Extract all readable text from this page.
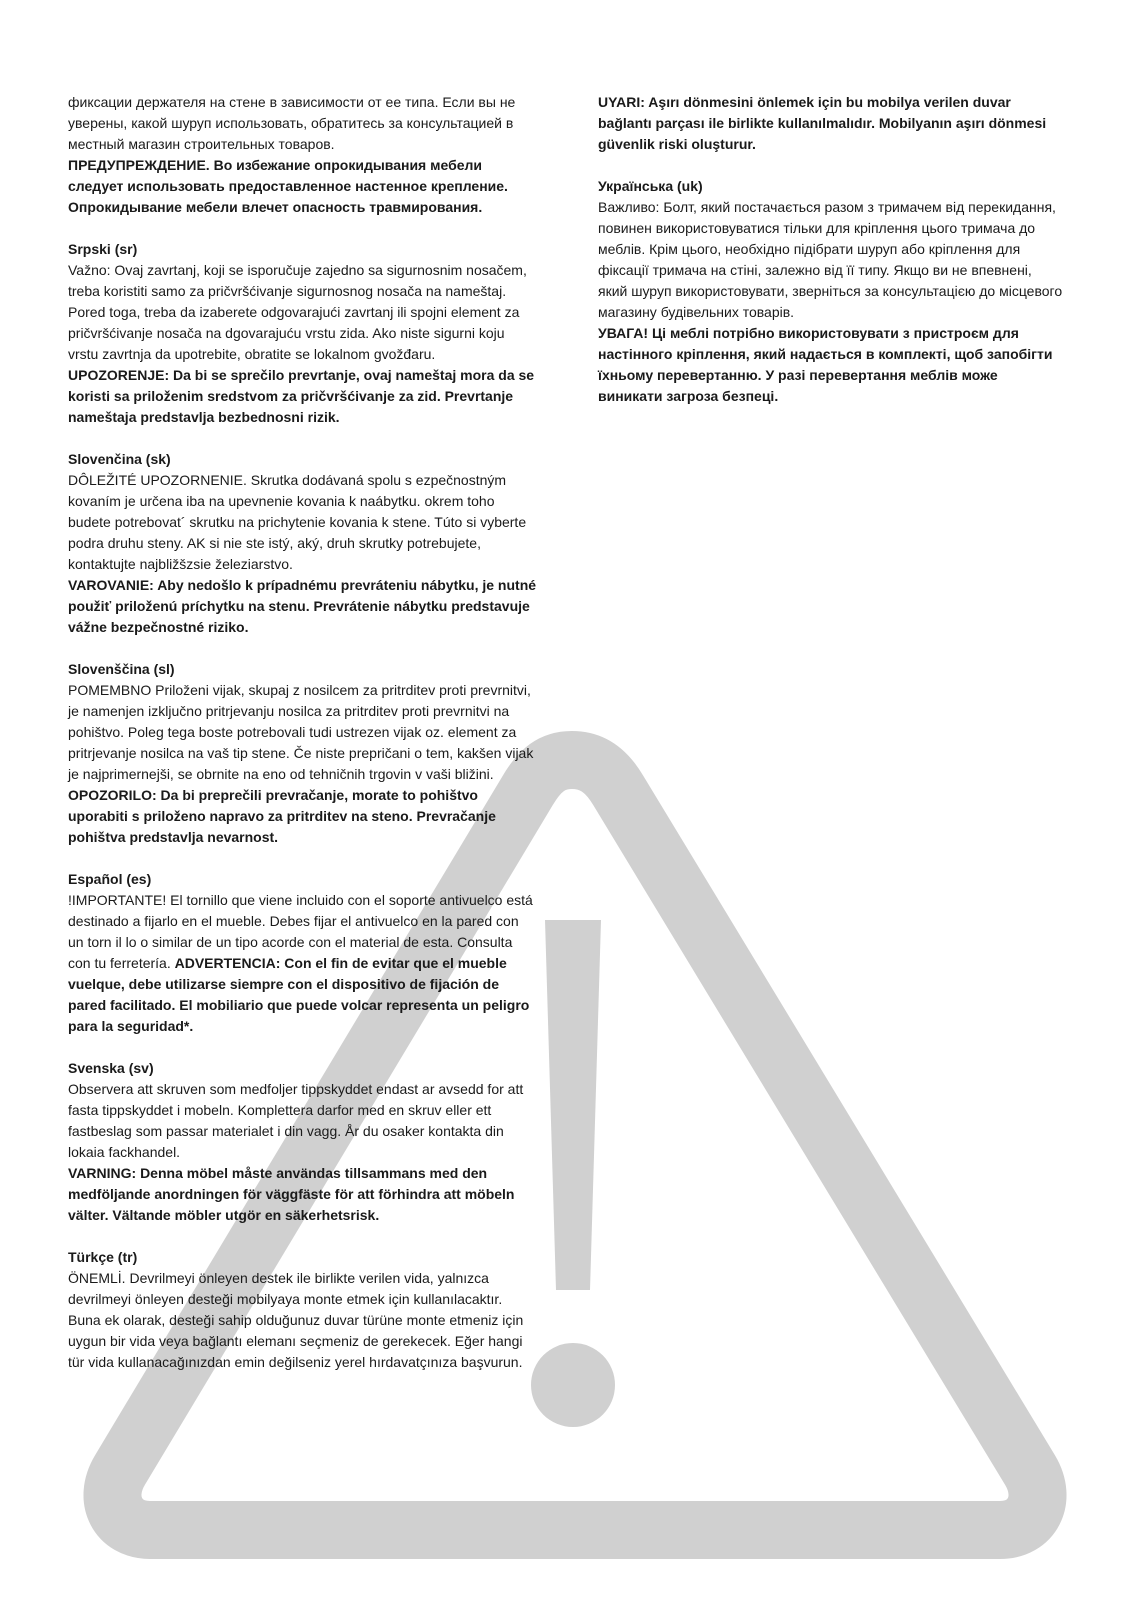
фиксации держателя на стене в зависимости от ее типа. Если вы не уверены, какой шуруп использовать, обратитесь за консультацией в местный магазин строительных товаров.
ПРЕДУПРЕЖДЕНИЕ. Во избежание опрокидывания мебели следует использовать предоставленное настенное крепление. Опрокидывание мебели влечет опасность травмирования.
Srpski (sr)
Važno: Ovaj zavrtanj, koji se isporučuje zajedno sa sigurnosnim nosačem, treba koristiti samo za pričvršćivanje sigurnosnog nosača na nameštaj. Pored toga, treba da izaberete odgovarajući zavrtanj ili spojni element za pričvršćivanje nosača na dgovarajuću vrstu zida. Ako niste sigurni koju vrstu zavrtnja da upotrebite, obratite se lokalnom gvožđaru.
UPOZORENJE: Da bi se sprečilo prevrtanje, ovaj nameštaj mora da se koristi sa priloženim sredstvom za pričvršćivanje za zid. Prevrtanje nameštaja predstavlja bezbednosni rizik.
Slovenčina (sk)
DÔLEŽITÉ UPOZORNENIE. Skrutka dodávaná spolu s ezpečnostným kovaním je určena iba na upevnenie kovania k naábytku. okrem toho budete potrebovat´ skrutku na prichytenie kovania k stene. Túto si vyberte podra druhu steny. AK si nie ste istý, aký, druh skrutky potrebujete, kontaktujte najbližšzsie železiarstvo.
VAROVANIE: Aby nedošlo k prípadnému prevráteniu nábytku, je nutné použiť priloženú príchytku na stenu. Prevrátenie nábytku predstavuje vážne bezpečnostné riziko.
Slovenščina (sl)
POMEMBNO Priloženi vijak, skupaj z nosilcem za pritrditev proti prevrnitvi, je namenjen izključno pritrjevanju nosilca za pritrditev proti prevrnitvi na pohištvo. Poleg tega boste potrebovali tudi ustrezen vijak oz. element za pritrjevanje nosilca na vaš tip stene. Če niste prepričani o tem, kakšen vijak je najprimernejši, se obrnite na eno od tehničnih trgovin v vaši bližini.
OPOZORILO: Da bi preprečili prevračanje, morate to pohištvo uporabiti s priloženo napravo za pritrditev na steno. Prevračanje pohištva predstavlja nevarnost.
Español (es)
!IMPORTANTE! El tornillo que viene incluido con el soporte antivuelco está destinado a fijarlo en el mueble. Debes fijar el antivuelco en la pared con un torn il lo o similar de un tipo acorde con el material de esta. Consulta con tu ferretería. ADVERTENCIA: Con el fin de evitar que el mueble vuelque, debe utilizarse siempre con el dispositivo de fijación de pared facilitado. El mobiliario que puede volcar representa un peligro para la seguridad*.
Svenska (sv)
Observera att skruven som medfoljer tippskyddet endast ar avsedd for att fasta tippskyddet i mobeln. Komplettera darfor med en skruv eller ett fastbeslag som passar materialet i din vagg. År du osaker kontakta din lokaia fackhandel.
VARNING: Denna möbel måste användas tillsammans med den medföljande anordningen för väggfäste för att förhindra att möbeln välter. Vältande möbler utgör en säkerhetsrisk.
Türkçe (tr)
ÖNEMLİ. Devrilmeyi önleyen destek ile birlikte verilen vida, yalnızca devrilmeyi önleyen desteği mobilyaya monte etmek için kullanılacaktır. Buna ek olarak, desteği sahip olduğunuz duvar türüne monte etmeniz için uygun bir vida veya bağlantı elemanı seçmeniz de gerekecek. Eğer hangi tür vida kullanacağınızdan emin değilseniz yerel hırdavatçınıza başvurun.
UYARI: Aşırı dönmesini önlemek için bu mobilya verilen duvar bağlantı parçası ile birlikte kullanılmalıdır. Mobilyanın aşırı dönmesi güvenlik riski oluşturur.
Українська (uk)
Важливо: Болт, який постачається разом з тримачем від перекидання, повинен використовуватися тільки для кріплення цього тримача до меблів. Крім цього, необхідно підібрати шуруп або кріплення для фіксації тримача на стіні, залежно від її типу. Якщо ви не впевнені, який шуруп використовувати, зверніться за консультацією до місцевого магазину будівельних товарів.
УВАГА! Ці меблі потрібно використовувати з пристроєм для настінного кріплення, який надається в комплекті, щоб запобігти їхньому перевертанню. У разі перевертання меблів може виникати загроза безпеці.
